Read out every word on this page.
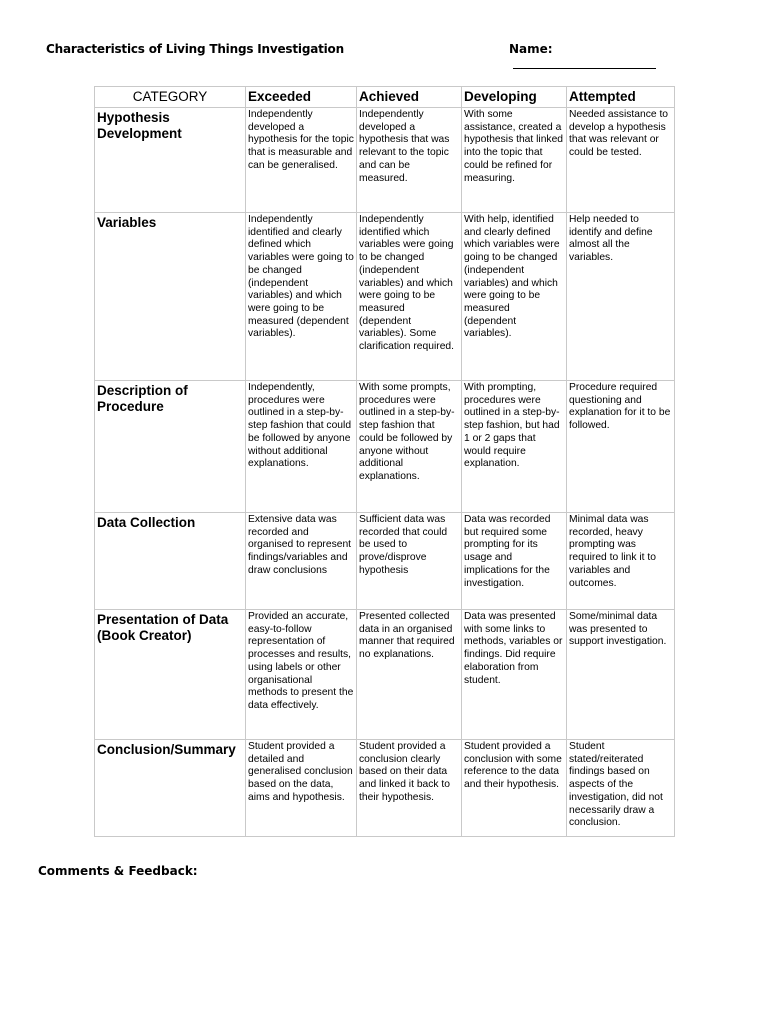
Characteristics of Living Things Investigation	Name:
CATEGORY	Exceeded	Achieved	Developing	Attempted
Hypothesis Development	Independently developed a hypothesis for the topic that is measurable and can be generalised.	Independently developed a hypothesis that was relevant to the topic and can be measured.	With some assistance, created a hypothesis that linked into the topic that could be refined for measuring.	Needed assistance to develop a hypothesis that was relevant or could be tested.
Variables	Independently identified and clearly defined which variables were going to be changed (independent variables) and which were going to be measured (dependent variables).	Independently identified which variables were going to be changed (independent variables) and which were going to be measured (dependent variables). Some clarification required.	With help, identified and clearly defined which variables were going to be changed (independent variables) and which were going to be measured (dependent variables).	Help needed to identify and define almost all the variables.
Description of Procedure	Independently, procedures were outlined in a step-by-step fashion that could be followed by anyone without additional explanations.	With some prompts, procedures were outlined in a step-by-step fashion that could be followed by anyone without additional explanations.	With prompting, procedures were outlined in a step-by-step fashion, but had 1 or 2 gaps that would require explanation.	Procedure required questioning and explanation for it to be followed.
Data Collection	Extensive data was recorded and organised to represent findings/variables and draw conclusions	Sufficient data was recorded that could be used to prove/disprove hypothesis	Data was recorded but required some prompting for its usage and implications for the investigation.	Minimal data was recorded, heavy prompting was required to link it to variables and outcomes.
Presentation of Data (Book Creator)	Provided an accurate, easy-to-follow representation of processes and results, using labels or other organisational methods to present the data effectively.	Presented collected data in an organised manner that required no explanations.	Data was presented with some links to methods, variables or findings. Did require elaboration from student.	Some/minimal data was presented to support investigation.
Conclusion/Summary	Student provided a detailed and generalised conclusion based on the data, aims and hypothesis.	Student provided a conclusion clearly based on their data and linked it back to their hypothesis.	Student provided a conclusion with some reference to the data and their hypothesis.	Student stated/reiterated findings based on aspects of the investigation, did not necessarily draw a conclusion.
Comments & Feedback:
